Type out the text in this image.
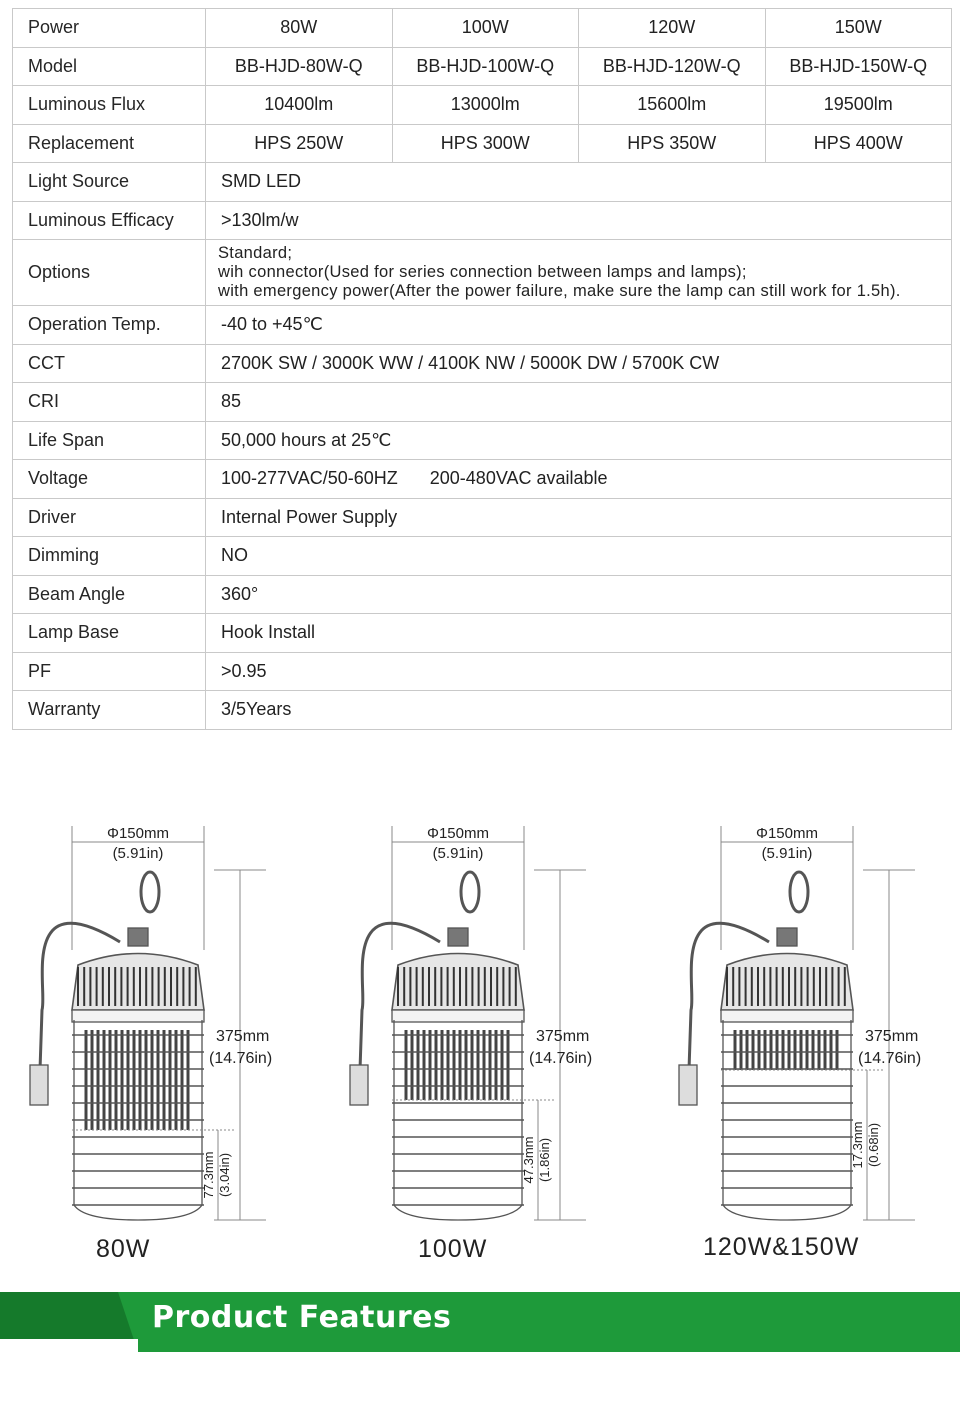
Power	80W	100W	120W	150W
Model	BB-HJD-80W-Q	BB-HJD-100W-Q	BB-HJD-120W-Q	BB-HJD-150W-Q
Luminous Flux	10400lm	13000lm	15600lm	19500lm
Replacement	HPS 250W	HPS 300W	HPS 350W	HPS 400W
Light Source	SMD LED			
Luminous Efficacy	>130lm/w			
Options	Standard;
wih connector(Used for series connection between lamps and lamps);
with emergency power(After the power failure, make sure the lamp can still work for 1.5h).			

Operation Temp.	-40 to +45℃			
CCT	2700K SW / 3000K WW / 4100K NW / 5000K DW / 5700K CW			
CRI	85			
Life Span	50,000 hours at 25℃			
Voltage	100-277VAC/50-60HZ 200-480VAC available			
Driver	Internal Power Supply			
Dimming	NO			
Beam Angle	360°			
Lamp Base	Hook Install			
PF	>0.95			
Warranty	3/5Years			
Φ150mm
(5.91in)
375mm
(14.76in)
77.3mm (3.04in)
Φ150mm
(5.91in)
375mm
(14.76in)
47.3mm (1.86in)
Φ150mm
(5.91in)
375mm
(14.76in)
17.3mm (0.68in)
80W	100W	120W&150W
Product Features
